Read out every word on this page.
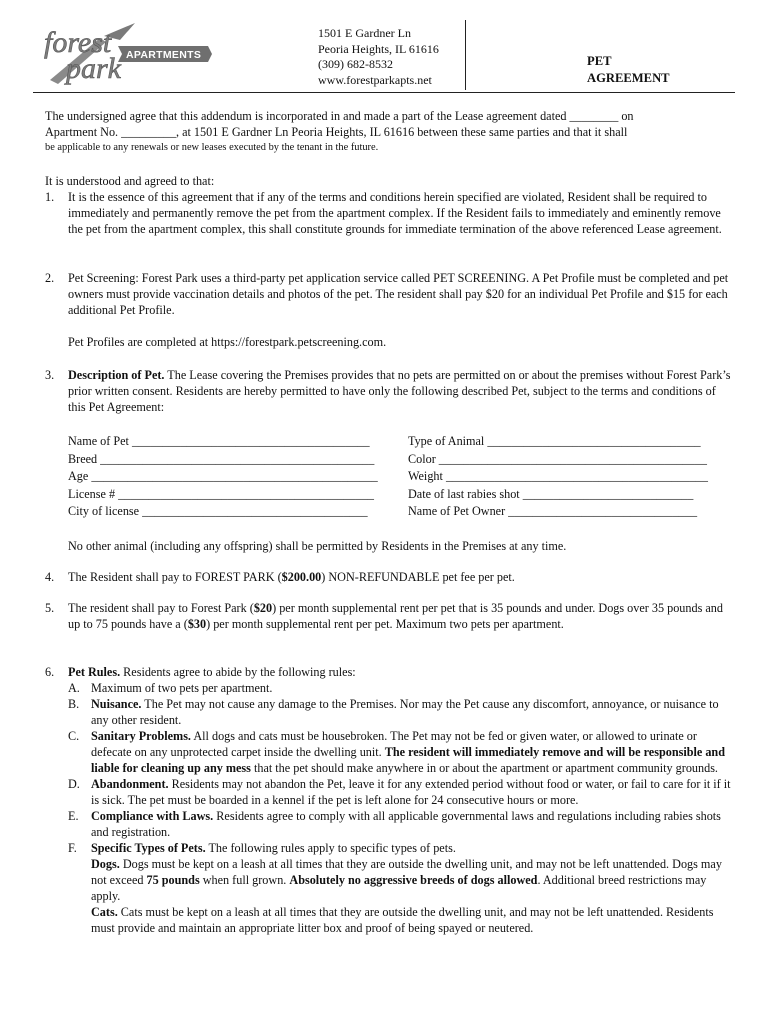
forest
park APARTMENTS
1501 E Gardner Ln
Peoria Heights, IL 61616
(309) 682-8532
www.forestparkapts.net
PET
AGREEMENT
The undersigned agree that this addendum is incorporated in and made a part of the Lease agreement dated ________ on
Apartment No. _________, at 1501 E Gardner Ln Peoria Heights, IL 61616 between these same parties and that it shall
be applicable to any renewals or new leases executed by the tenant in the future.
It is understood and agreed to that:
1. It is the essence of this agreement that if any of the terms and conditions herein specified are violated, Resident shall be required to immediately and permanently remove the pet from the apartment complex. If the Resident fails to immediately and eminently remove the pet from the apartment complex, this shall constitute grounds for immediate termination of the above referenced Lease agreement.
2. Pet Screening: Forest Park uses a third-party pet application service called PET SCREENING. A Pet Profile must be completed and pet owners must provide vaccination details and photos of the pet. The resident shall pay $20 for an individual Pet Profile and $15 for each additional Pet Profile.
Pet Profiles are completed at https://forestpark.petscreening.com.
3. Description of Pet. The Lease covering the Premises provides that no pets are permitted on or about the premises without Forest Park’s prior written consent. Residents are hereby permitted to have only the following described Pet, subject to the terms and conditions of this Pet Agreement:
Name of Pet _______________________________________
Breed _____________________________________________
Age _______________________________________________
License # __________________________________________
City of license _____________________________________
Type of Animal ___________________________________
Color ____________________________________________
Weight ___________________________________________
Date of last rabies shot ____________________________
Name of Pet Owner _______________________________
No other animal (including any offspring) shall be permitted by Residents in the Premises at any time.
4. The Resident shall pay to FOREST PARK ($200.00) NON-REFUNDABLE pet fee per pet.
5. The resident shall pay to Forest Park ($20) per month supplemental rent per pet that is 35 pounds and under. Dogs over 35 pounds and up to 75 pounds have a ($30) per month supplemental rent per pet. Maximum two pets per apartment.
6. Pet Rules. Residents agree to abide by the following rules:
A. Maximum of two pets per apartment.
B. Nuisance. The Pet may not cause any damage to the Premises. Nor may the Pet cause any discomfort, annoyance, or nuisance to any other resident.
C. Sanitary Problems. All dogs and cats must be housebroken. The Pet may not be fed or given water, or allowed to urinate or defecate on any unprotected carpet inside the dwelling unit. The resident will immediately remove and will be responsible and liable for cleaning up any mess that the pet should make anywhere in or about the apartment or apartment community grounds.
D. Abandonment. Residents may not abandon the Pet, leave it for any extended period without food or water, or fail to care for it if it is sick. The pet must be boarded in a kennel if the pet is left alone for 24 consecutive hours or more.
E. Compliance with Laws. Residents agree to comply with all applicable governmental laws and regulations including rabies shots and registration.
F. Specific Types of Pets. The following rules apply to specific types of pets.
Dogs. Dogs must be kept on a leash at all times that they are outside the dwelling unit, and may not be left unattended. Dogs may not exceed 75 pounds when full grown. Absolutely no aggressive breeds of dogs allowed. Additional breed restrictions may apply.
Cats. Cats must be kept on a leash at all times that they are outside the dwelling unit, and may not be left unattended. Residents must provide and maintain an appropriate litter box and proof of being spayed or neutered.
